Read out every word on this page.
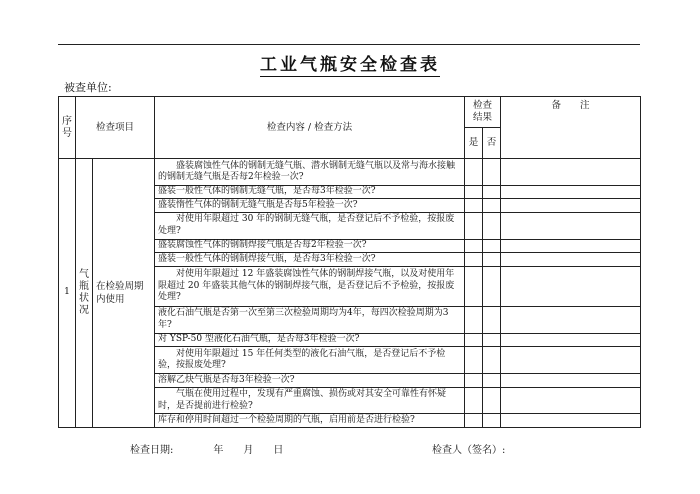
工业气瓶安全检查表
被查单位:
序号	检查项目		检查内容 / 检查方法	检查结果		备　　注
				是	否	
1	气瓶状况	在检验周期内使用	盛装腐蚀性气体的钢制无缝气瓶、潜水钢制无缝气瓶以及常与海水接触的钢制无缝气瓶是否每2年检验一次?			
			盛装一般性气体的钢制无缝气瓶，是否每3年检验一次?			
			盛装惰性气体的钢制无缝气瓶是否每5年检验一次?			
			对使用年限超过 30 年的钢制无缝气瓶，是否登记后不予检验，按报废处理?			
			盛装腐蚀性气体的钢制焊接气瓶是否每2年检验一次?			
			盛装一般性气体的钢制焊接气瓶，是否每3年检验一次?			
			对使用年限超过 12 年盛装腐蚀性气体的钢制焊接气瓶，以及对使用年限超过 20 年盛装其他气体的钢制焊接气瓶，是否登记后不予检验，按报废处理?			
			液化石油气瓶是否第一次至第三次检验周期均为4年，每四次检验周期为3年?			
			对 YSP-50 型液化石油气瓶，是否每3年检验一次?			
			对使用年限超过 15 年任何类型的液化石油气瓶，是否登记后不予检验，按报废处理?			
			溶解乙炔气瓶是否每3年检验一次?			
			气瓶在使用过程中，发现有严重腐蚀、损伤或对其安全可靠性有怀疑时，是否提前进行检验?			
			库存和停用时间超过一个检验周期的气瓶，启用前是否进行检验?			
检查日期:　　　　年　　月　　日	检查人（签名）:
